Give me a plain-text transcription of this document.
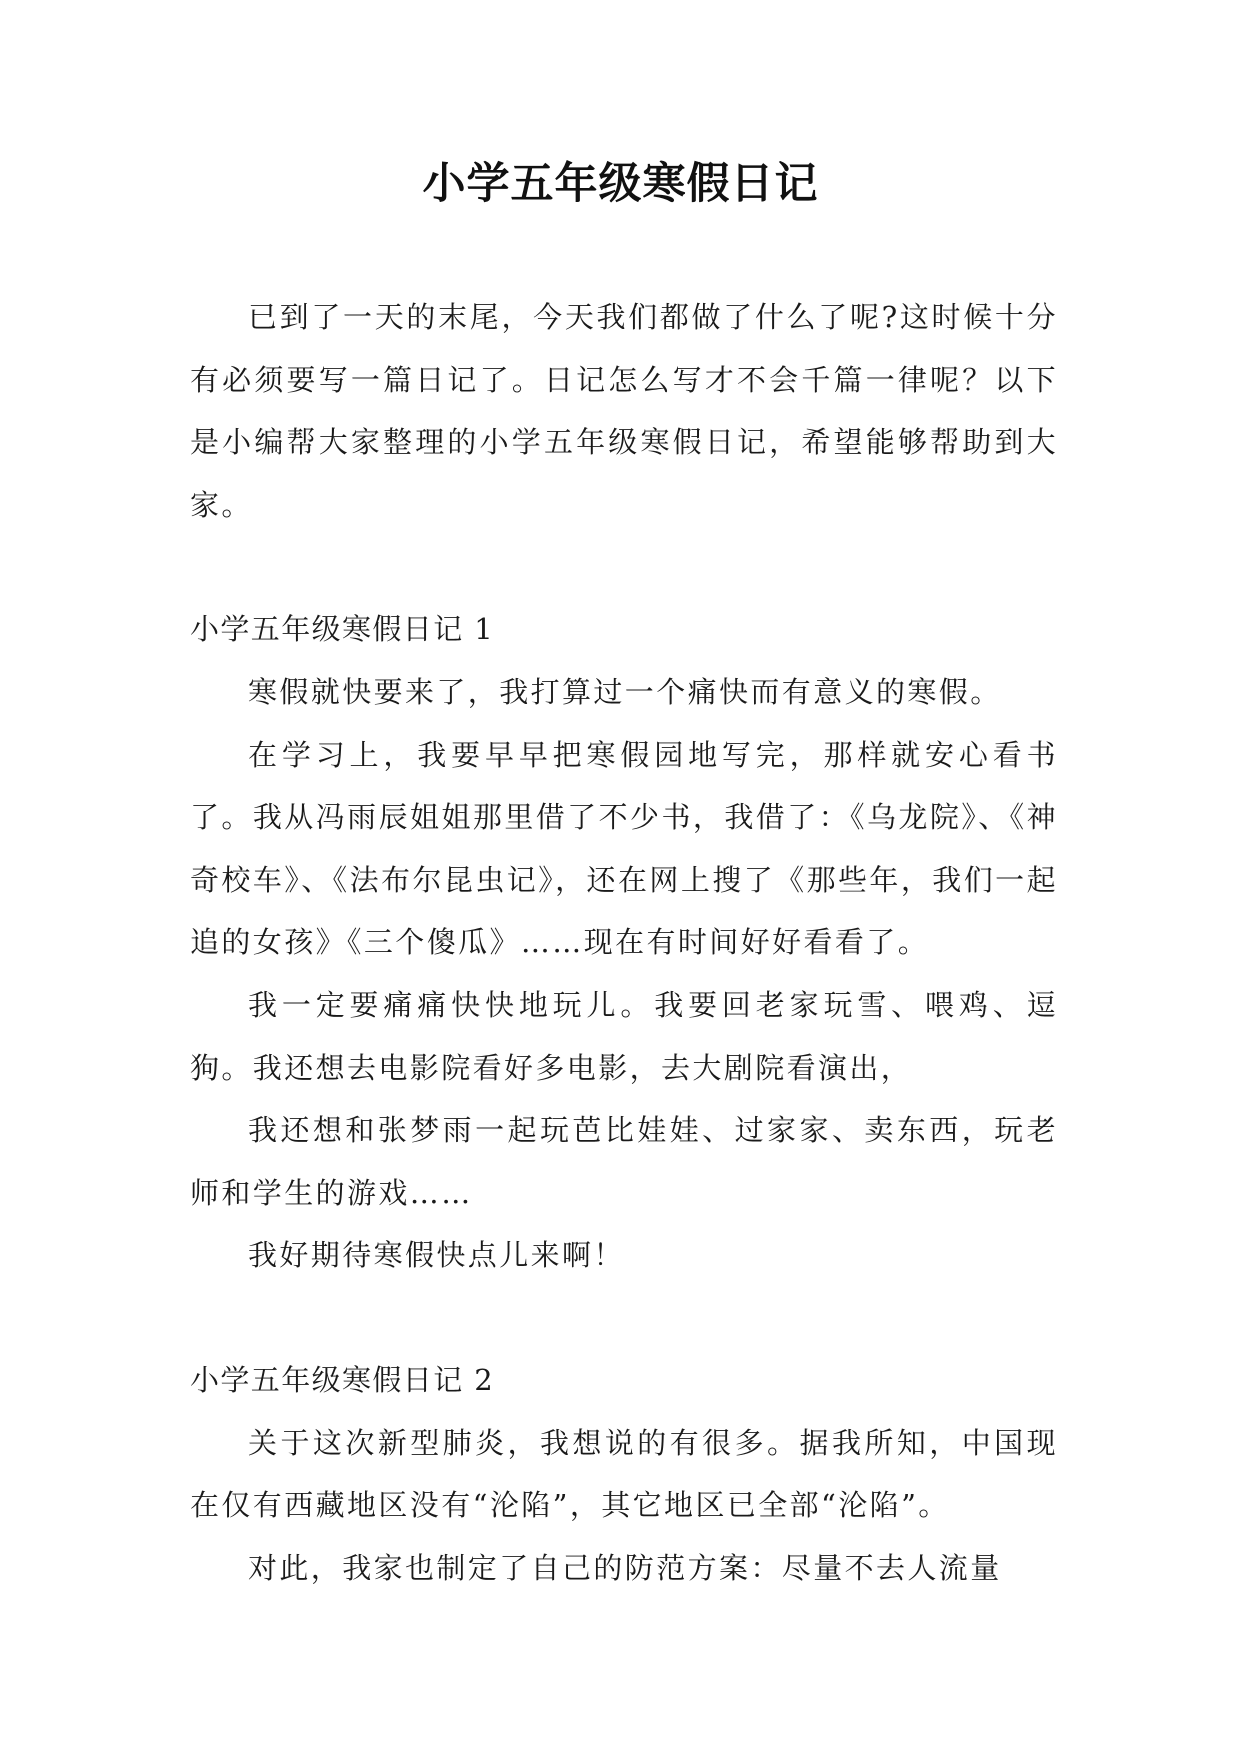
小学五年级寒假日记

已到了一天的末尾，今天我们都做了什么了呢?这时候十分有必须要写一篇日记了。日记怎么写才不会千篇一律呢？以下是小编帮大家整理的小学五年级寒假日记，希望能够帮助到大家。

小学五年级寒假日记 1

寒假就快要来了，我打算过一个痛快而有意义的寒假。

在学习上，我要早早把寒假园地写完，那样就安心看书了。我从冯雨辰姐姐那里借了不少书，我借了：《乌龙院》、《神奇校车》、《法布尔昆虫记》，还在网上搜了《那些年，我们一起追的女孩》《三个傻瓜》……现在有时间好好看看了。

我一定要痛痛快快地玩儿。我要回老家玩雪、喂鸡、逗狗。我还想去电影院看好多电影，去大剧院看演出，

我还想和张梦雨一起玩芭比娃娃、过家家、卖东西，玩老师和学生的游戏……

我好期待寒假快点儿来啊！

小学五年级寒假日记 2

关于这次新型肺炎，我想说的有很多。据我所知，中国现在仅有西藏地区没有“沦陷”，其它地区已全部“沦陷”。

对此，我家也制定了自己的防范方案：尽量不去人流量
